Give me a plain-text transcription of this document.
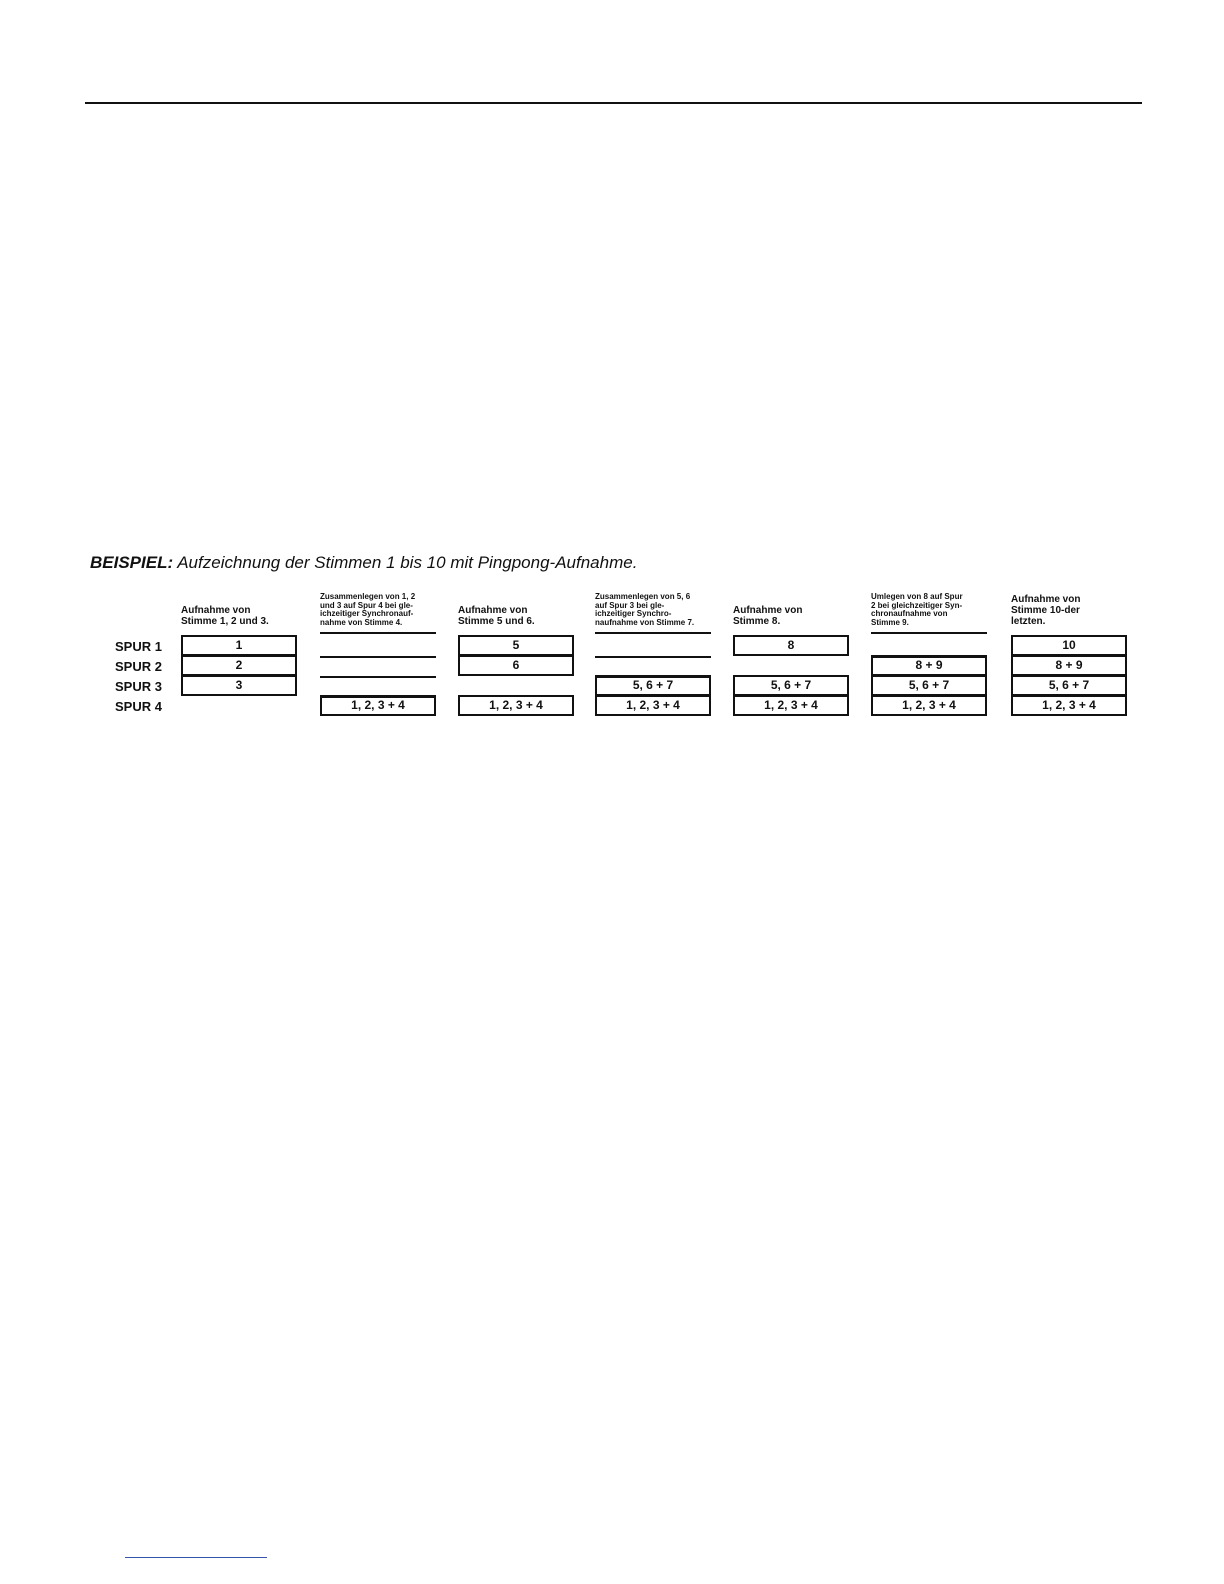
BEISPIEL: Aufzeichnung der Stimmen 1 bis 10 mit Pingpong-Aufnahme.
SPUR 1
SPUR 2
SPUR 3
SPUR 4
Aufnahme von
Stimme 1, 2 und 3.
1
2
3
Zusammenlegen von 1, 2
und 3 auf Spur 4 bei gle-
ichzeitiger Synchronauf-
nahme von Stimme 4.
1, 2, 3 + 4
Aufnahme von
Stimme 5 und 6.
5
6
1, 2, 3 + 4
Zusammenlegen von 5, 6
auf Spur 3 bei gle-
ichzeitiger Synchro-
naufnahme von Stimme 7.
5, 6 + 7
1, 2, 3 + 4
Aufnahme von
Stimme 8.
8
5, 6 + 7
1, 2, 3 + 4
Umlegen von 8 auf Spur
2 bei gleichzeitiger Syn-
chronaufnahme von
Stimme 9.
8 + 9
5, 6 + 7
1, 2, 3 + 4
Aufnahme von
Stimme 10-der
letzten.
10
8 + 9
5, 6 + 7
1, 2, 3 + 4
